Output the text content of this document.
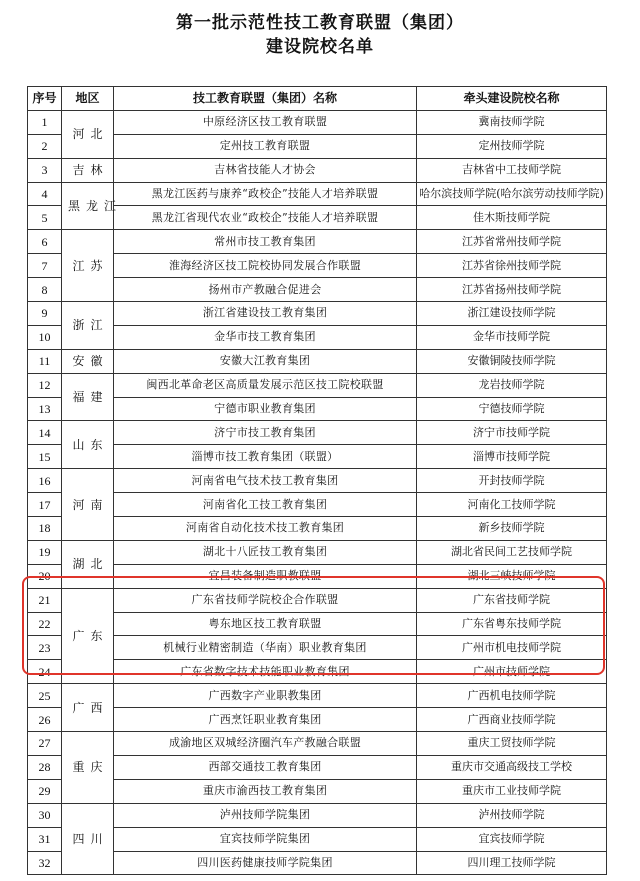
第一批示范性技工教育联盟（集团）
建设院校名单
序号	地区	技工教育联盟（集团）名称	牵头建设院校名称
1	河北	中原经济区技工教育联盟	冀南技师学院
2		定州技工教育联盟	定州技师学院
3	吉林	吉林省技能人才协会	吉林省中工技师学院
4	黑龙江	黑龙江医药与康养“政校企”技能人才培养联盟	哈尔滨技师学院(哈尔滨劳动技师学院)
5		黑龙江省现代农业“政校企”技能人才培养联盟	佳木斯技师学院
6	江苏	常州市技工教育集团	江苏省常州技师学院
7		淮海经济区技工院校协同发展合作联盟	江苏省徐州技师学院
8		扬州市产教融合促进会	江苏省扬州技师学院
9	浙江	浙江省建设技工教育集团	浙江建设技师学院
10		金华市技工教育集团	金华市技师学院
11	安徽	安徽大江教育集团	安徽铜陵技师学院
12	福建	闽西北革命老区高质量发展示范区技工院校联盟	龙岩技师学院
13		宁德市职业教育集团	宁德技师学院
14	山东	济宁市技工教育集团	济宁市技师学院
15		淄博市技工教育集团（联盟）	淄博市技师学院
16	河南	河南省电气技术技工教育集团	开封技师学院
17		河南省化工技工教育集团	河南化工技师学院
18		河南省自动化技术技工教育集团	新乡技师学院
19	湖北	湖北十八匠技工教育集团	湖北省民间工艺技师学院
20		宜昌装备制造职教联盟	湖北三峡技师学院
21	广东	广东省技师学院校企合作联盟	广东省技师学院
22		粤东地区技工教育联盟	广东省粤东技师学院
23		机械行业精密制造（华南）职业教育集团	广州市机电技师学院
24		广东省数字技术技能职业教育集团	广州市技师学院
25	广西	广西数字产业职教集团	广西机电技师学院
26		广西烹饪职业教育集团	广西商业技师学院
27	重庆	成渝地区双城经济圈汽车产教融合联盟	重庆工贸技师学院
28		西部交通技工教育集团	重庆市交通高级技工学校
29		重庆市渝西技工教育集团	重庆市工业技师学院
30	四川	泸州技师学院集团	泸州技师学院
31		宜宾技师学院集团	宜宾技师学院
32		四川医药健康技师学院集团	四川理工技师学院
